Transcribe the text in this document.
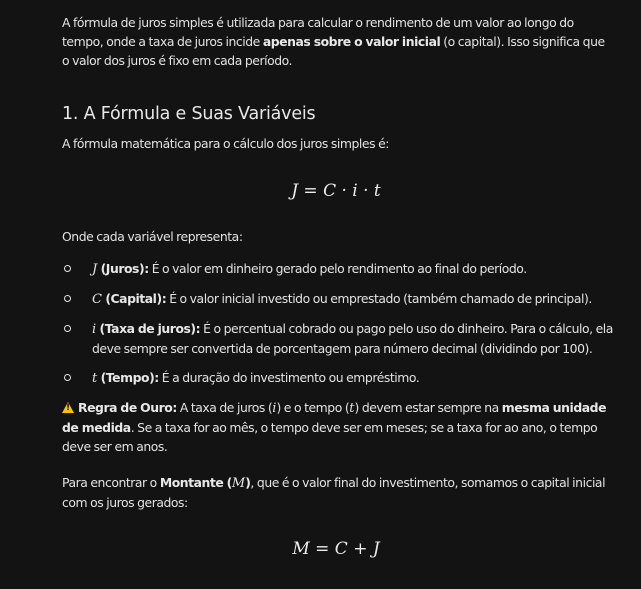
A fórmula de juros simples é utilizada para calcular o rendimento de um valor ao longo do tempo, onde a taxa de juros incide apenas sobre o valor inicial (o capital). Isso significa que o valor dos juros é fixo em cada período.

1. A Fórmula e Suas Variáveis

A fórmula matemática para o cálculo dos juros simples é:

J = C · i · t

Onde cada variável representa:

J (Juros): É o valor em dinheiro gerado pelo rendimento ao final do período.
C (Capital): É o valor inicial investido ou emprestado (também chamado de principal).
i (Taxa de juros): É o percentual cobrado ou pago pelo uso do dinheiro. Para o cálculo, ela deve sempre ser convertida de porcentagem para número decimal (dividindo por 100).
t (Tempo): É a duração do investimento ou empréstimo.

!Regra de Ouro: A taxa de juros (i) e o tempo (t) devem estar sempre na mesma unidade de medida. Se a taxa for ao mês, o tempo deve ser em meses; se a taxa for ao ano, o tempo deve ser em anos.

Para encontrar o Montante (M), que é o valor final do investimento, somamos o capital inicial com os juros gerados:

M = C + J
